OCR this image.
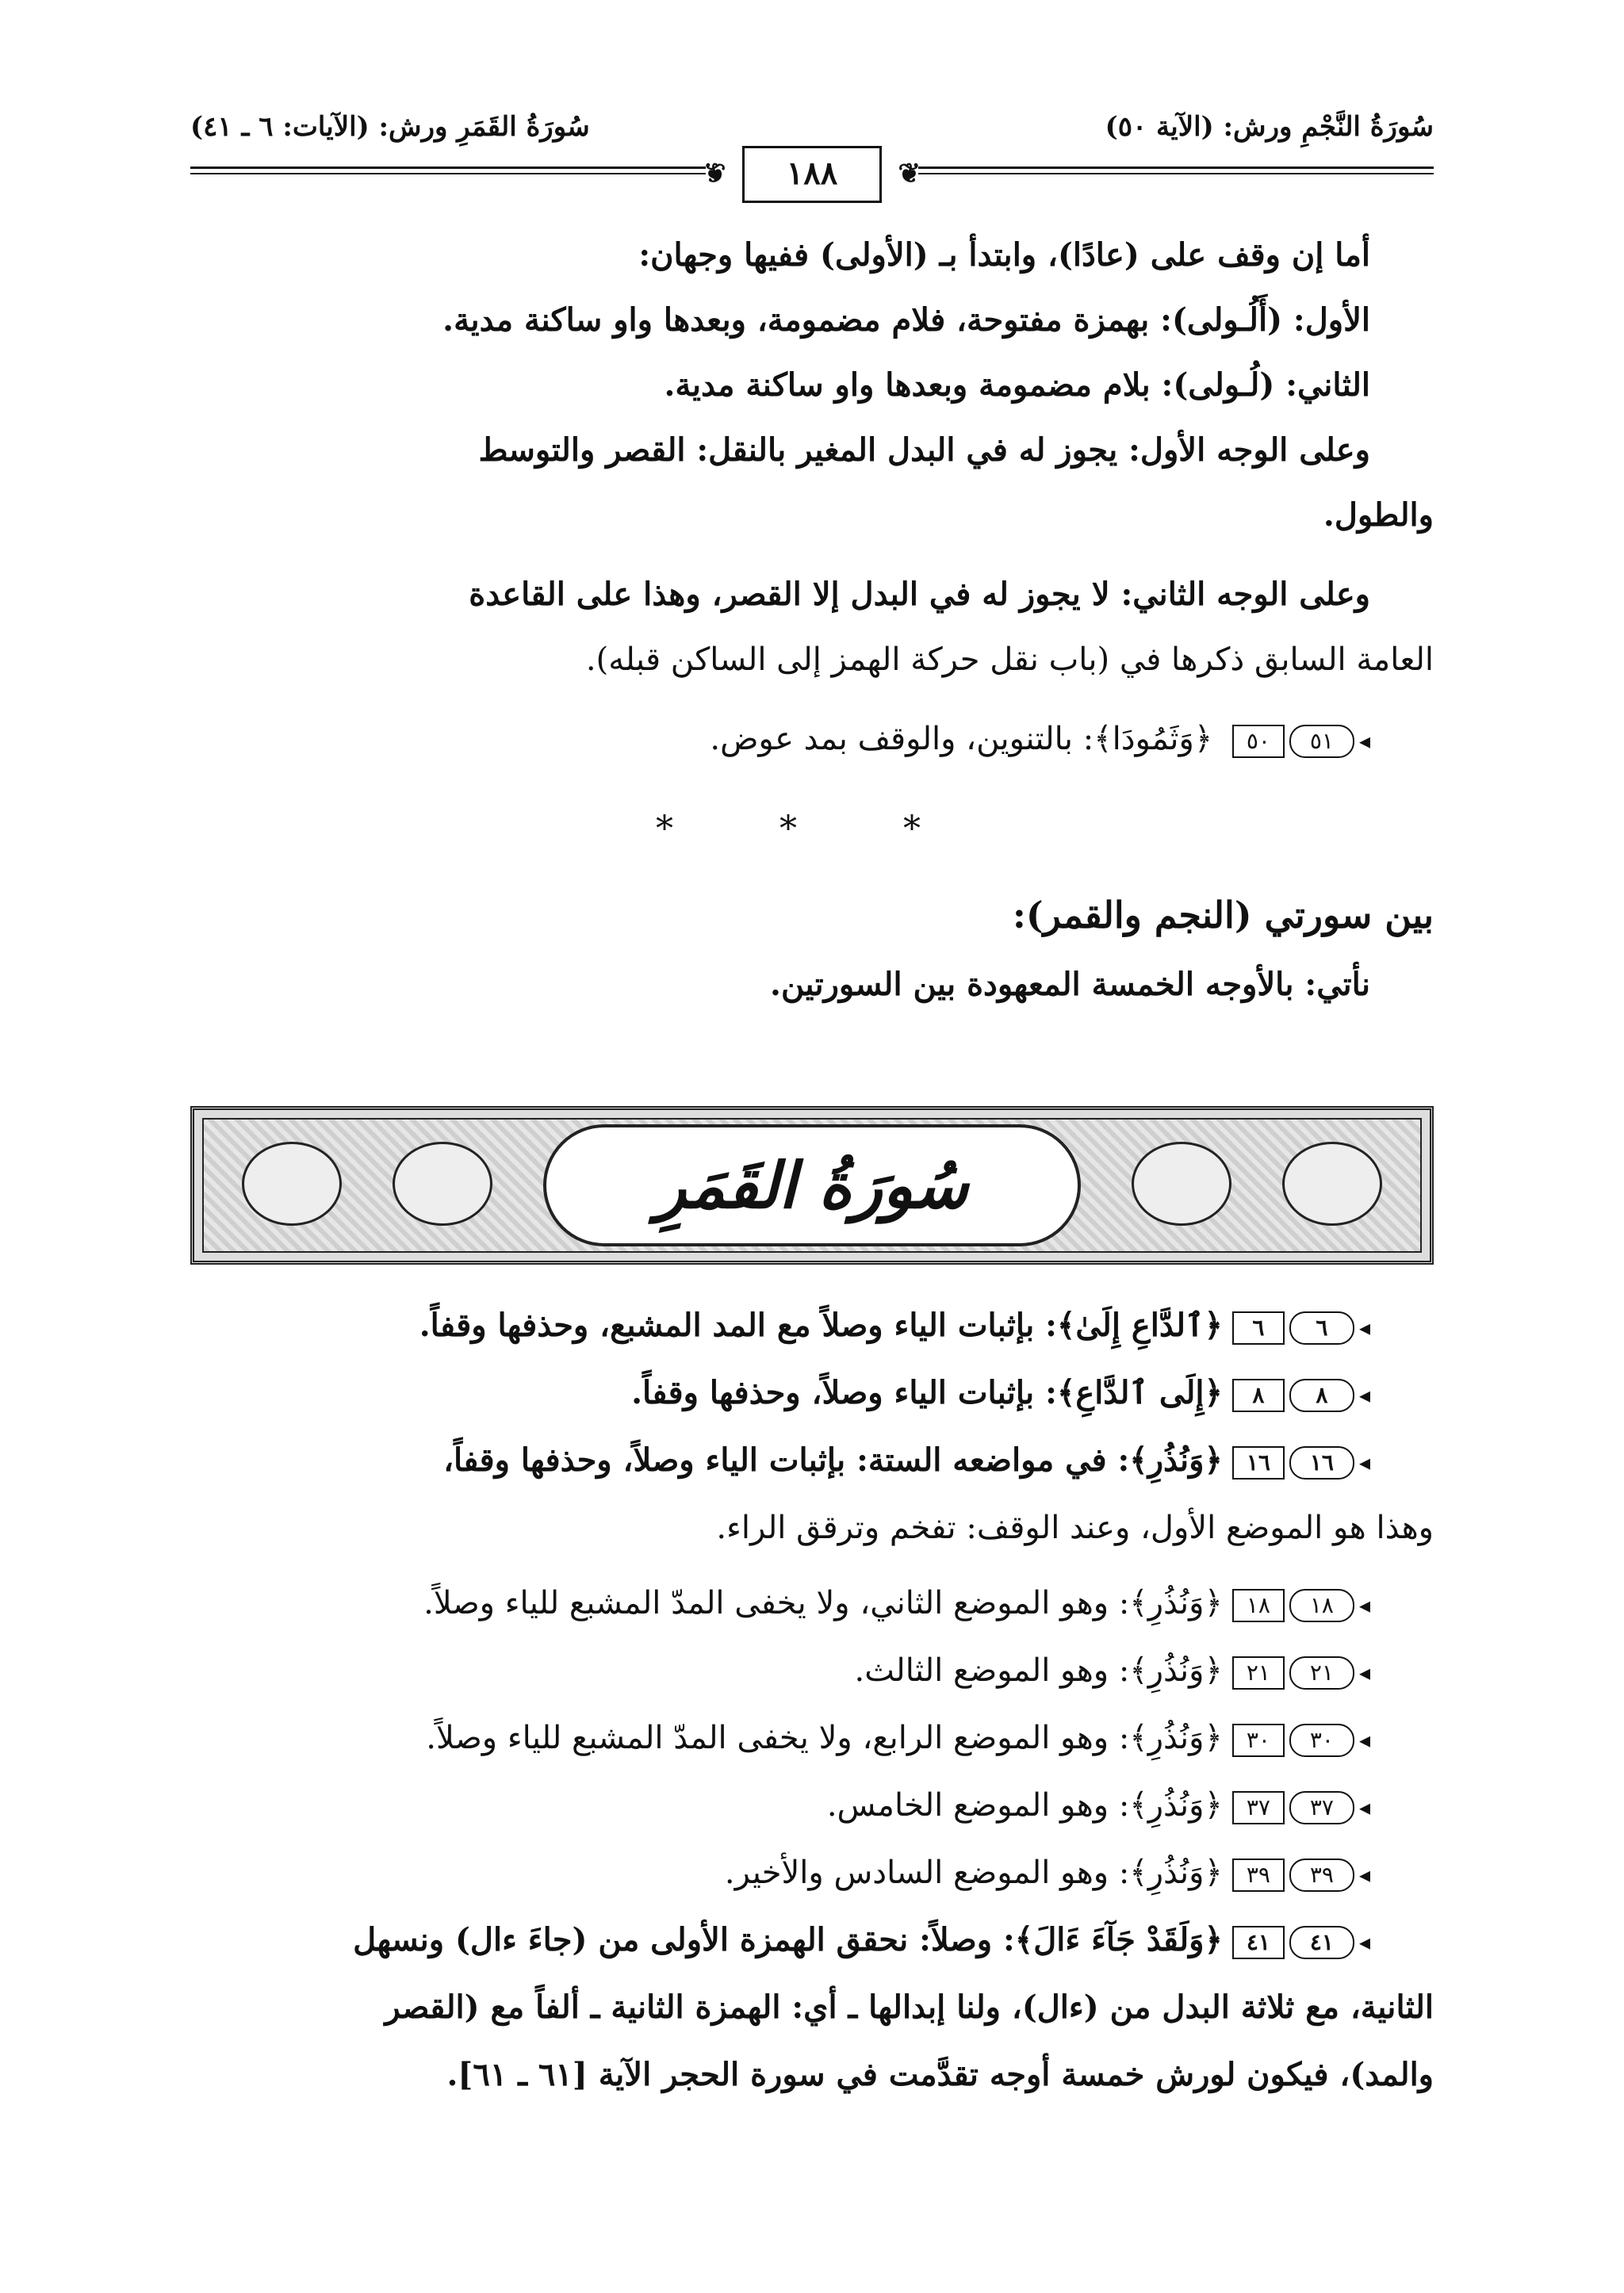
سُورَةُ النَّجْمِ ورش: (الآية ٥٠)
سُورَةُ القَمَرِ ورش: (الآيات: ٦ ـ ٤١)
❦ ١٨٨ ❦
أما إن وقف على (عادًا)، وابتدأ بـ (الأولى) ففيها وجهان:
الأول: (أَلُـولى): بهمزة مفتوحة، فلام مضمومة، وبعدها واو ساكنة مدية.
الثاني: (لُـولى): بلام مضمومة وبعدها واو ساكنة مدية.
وعلى الوجه الأول: يجوز له في البدل المغير بالنقل: القصر والتوسط
والطول.
وعلى الوجه الثاني: لا يجوز له في البدل إلا القصر، وهذا على القاعدة
العامة السابق ذكرها في (باب نقل حركة الهمز إلى الساكن قبله).
◂
٥١
٥٠
﴿وَثَمُودَا﴾: بالتنوين، والوقف بمد عوض.
* * *
بين سورتي (النجم والقمر):
نأتي: بالأوجه الخمسة المعهودة بين السورتين.
سُورَةُ القَمَرِ
◂
٦
٦
﴿ٱلدَّاعِ إِلَىٰ﴾: بإثبات الياء وصلاً مع المد المشبع، وحذفها وقفاً.
◂
٨
٨
﴿إِلَى ٱلدَّاعِ﴾: بإثبات الياء وصلاً، وحذفها وقفاً.
◂
١٦
١٦
﴿وَنُذُرِ﴾: في مواضعه الستة: بإثبات الياء وصلاً، وحذفها وقفاً،
وهذا هو الموضع الأول، وعند الوقف: تفخم وترقق الراء.
◂
١٨
١٨
﴿وَنُذُرِ﴾: وهو الموضع الثاني، ولا يخفى المدّ المشبع للياء وصلاً.
◂
٢١
٢١
﴿وَنُذُرِ﴾: وهو الموضع الثالث.
◂
٣٠
٣٠
﴿وَنُذُرِ﴾: وهو الموضع الرابع، ولا يخفى المدّ المشبع للياء وصلاً.
◂
٣٧
٣٧
﴿وَنُذُرِ﴾: وهو الموضع الخامس.
◂
٣٩
٣٩
﴿وَنُذُرِ﴾: وهو الموضع السادس والأخير.
◂
٤١
٤١
﴿وَلَقَدْ جَآءَ ءَالَ﴾: وصلاً: نحقق الهمزة الأولى من (جاءَ ءال) ونسهل
الثانية، مع ثلاثة البدل من (ءال)، ولنا إبدالها ـ أي: الهمزة الثانية ـ ألفاً مع (القصر
والمد)، فيكون لورش خمسة أوجه تقدَّمت في سورة الحجر الآية [٦١ ـ ٦١].
